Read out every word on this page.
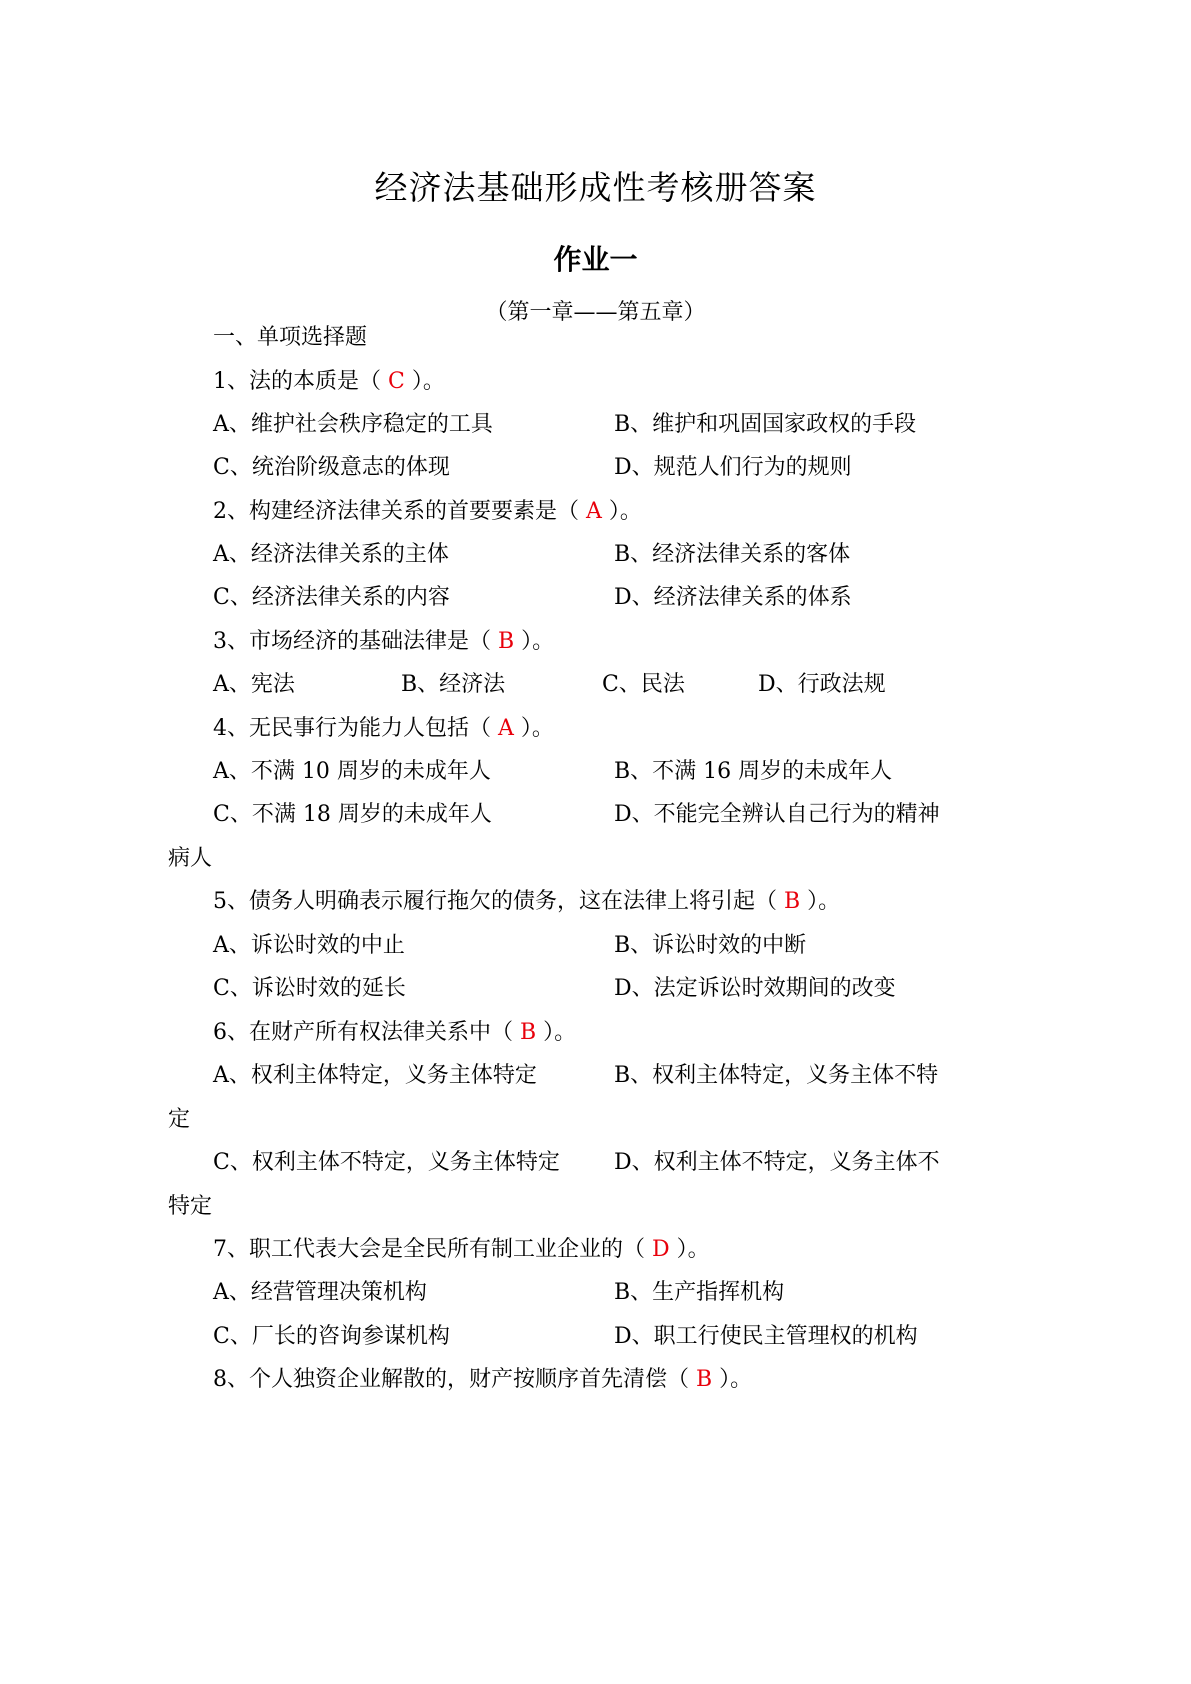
经济法基础形成性考核册答案
作业一
（第一章——第五章）
一、单项选择题
1、法的本质是（ C ）。
A、维护社会秩序稳定的工具	B、维护和巩固国家政权的手段
C、统治阶级意志的体现	D、规范人们行为的规则
2、构建经济法律关系的首要要素是（ A ）。
A、经济法律关系的主体	B、经济法律关系的客体
C、经济法律关系的内容	D、经济法律关系的体系
3、市场经济的基础法律是（ B ）。
A、宪法	B、经济法	C、民法	D、行政法规
4、无民事行为能力人包括（ A ）。
A、不满 10 周岁的未成年人	B、不满 16 周岁的未成年人
C、不满 18 周岁的未成年人	D、不能完全辨认自己行为的精神
病人
5、债务人明确表示履行拖欠的债务，这在法律上将引起（ B ）。
A、诉讼时效的中止	B、诉讼时效的中断
C、诉讼时效的延长	D、法定诉讼时效期间的改变
6、在财产所有权法律关系中（ B ）。
A、权利主体特定，义务主体特定	B、权利主体特定，义务主体不特
定
C、权利主体不特定，义务主体特定 D、权利主体不特定，义务主体不
特定
7、职工代表大会是全民所有制工业企业的（ D ）。
A、经营管理决策机构	B、生产指挥机构
C、厂长的咨询参谋机构	D、职工行使民主管理权的机构
8、个人独资企业解散的，财产按顺序首先清偿（ B ）。
